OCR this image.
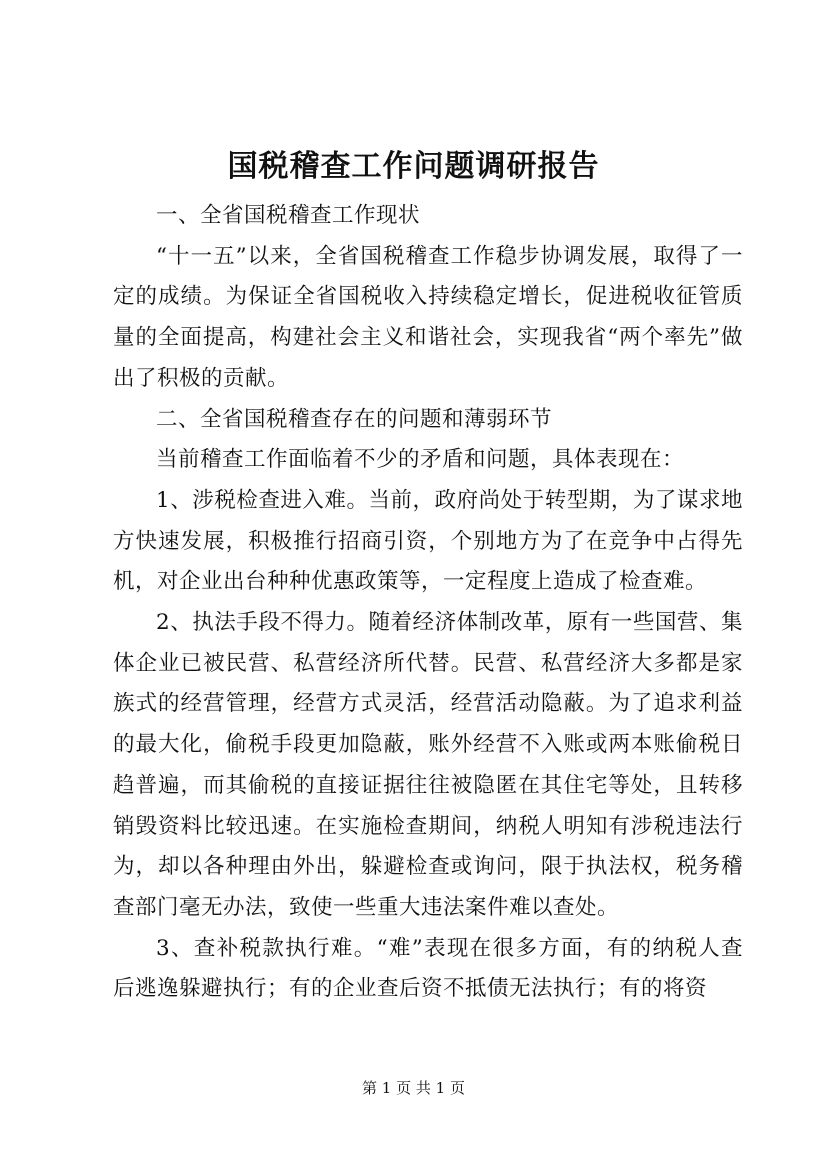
国税稽查工作问题调研报告

一、全省国税稽查工作现状

“十一五”以来，全省国税稽查工作稳步协调发展，取得了一定的成绩。为保证全省国税收入持续稳定增长，促进税收征管质量的全面提高，构建社会主义和谐社会，实现我省“两个率先”做出了积极的贡献。

二、全省国税稽查存在的问题和薄弱环节

当前稽查工作面临着不少的矛盾和问题，具体表现在：

1、涉税检查进入难。当前，政府尚处于转型期，为了谋求地方快速发展，积极推行招商引资，个别地方为了在竞争中占得先机，对企业出台种种优惠政策等，一定程度上造成了检查难。

2、执法手段不得力。随着经济体制改革，原有一些国营、集体企业已被民营、私营经济所代替。民营、私营经济大多都是家族式的经营管理，经营方式灵活，经营活动隐蔽。为了追求利益的最大化，偷税手段更加隐蔽，账外经营不入账或两本账偷税日趋普遍，而其偷税的直接证据往往被隐匿在其住宅等处，且转移销毁资料比较迅速。在实施检查期间，纳税人明知有涉税违法行为，却以各种理由外出，躲避检查或询问，限于执法权，税务稽查部门毫无办法，致使一些重大违法案件难以查处。

3、查补税款执行难。“难”表现在很多方面，有的纳税人查后逃逸躲避执行；有的企业查后资不抵债无法执行；有的将资

第 1 页 共 1 页
